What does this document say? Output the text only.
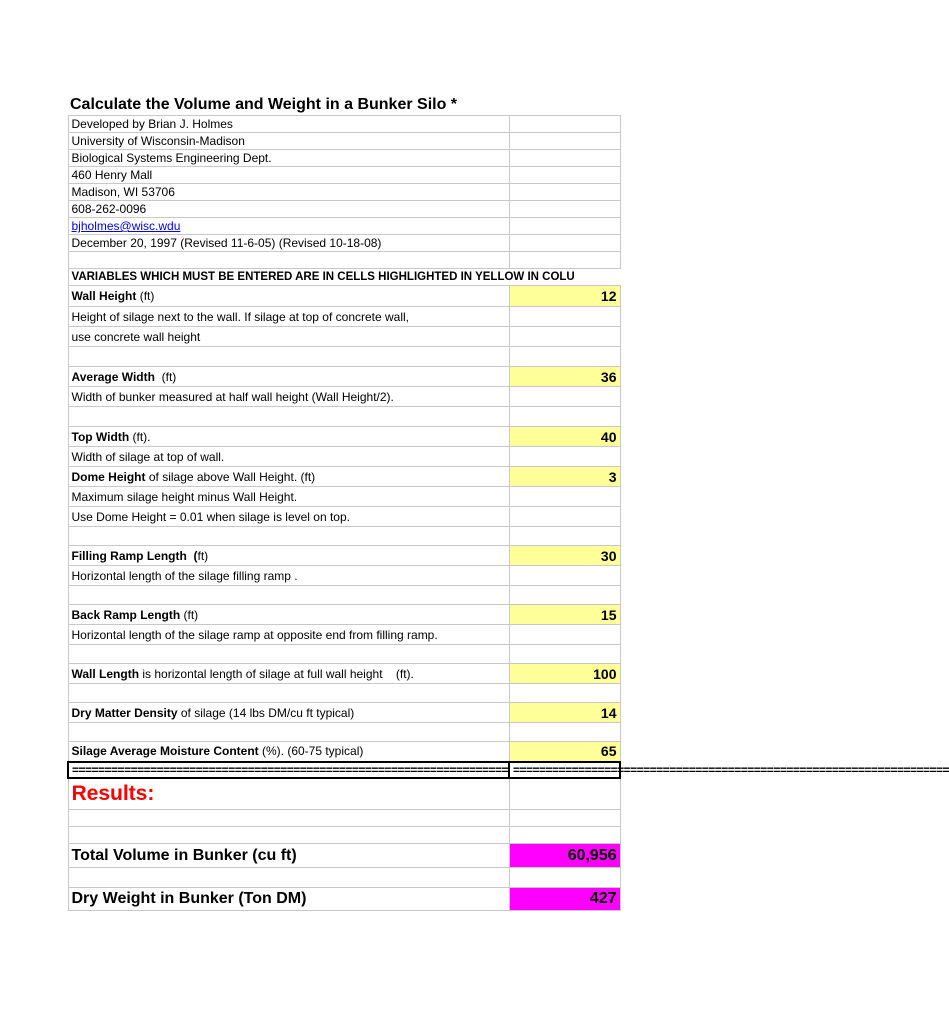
Calculate the Volume and Weight in a Bunker Silo *
Developed by Brian J. Holmes	
University of Wisconsin-Madison	
Biological Systems Engineering Dept.	
460 Henry Mall	
Madison, WI 53706	
608-262-0096	
bjholmes@wisc.wdu	
December 20, 1997 (Revised 11-6-05) (Revised 10-18-08)	

VARIABLES WHICH MUST BE ENTERED ARE IN CELLS HIGHLIGHTED IN YELLOW IN COLU	
Wall Height (ft)	12
Height of silage next to the wall. If silage at top of concrete wall,	
use concrete wall height	

Average Width  (ft)	36
Width of bunker measured at half wall height (Wall Height/2).	

Top Width (ft).	40
Width of silage at top of wall.	
Dome Height of silage above Wall Height. (ft)	3
Maximum silage height minus Wall Height.	
Use Dome Height = 0.01 when silage is level on top.	

Filling Ramp Length  (ft)	30
Horizontal length of the silage filling ramp .	

Back Ramp Length (ft)	15
Horizontal length of the silage ramp at opposite end from filling ramp.	

Wall Length is horizontal length of silage at full wall height    (ft).	100

Dry Matter Density of silage (14 lbs DM/cu ft typical)	14

Silage Average Moisture Content (%). (60-75 typical)	65
===================================================================	===================================================================
Results:	

Total Volume in Bunker (cu ft)	60,956

Dry Weight in Bunker (Ton DM)	427
